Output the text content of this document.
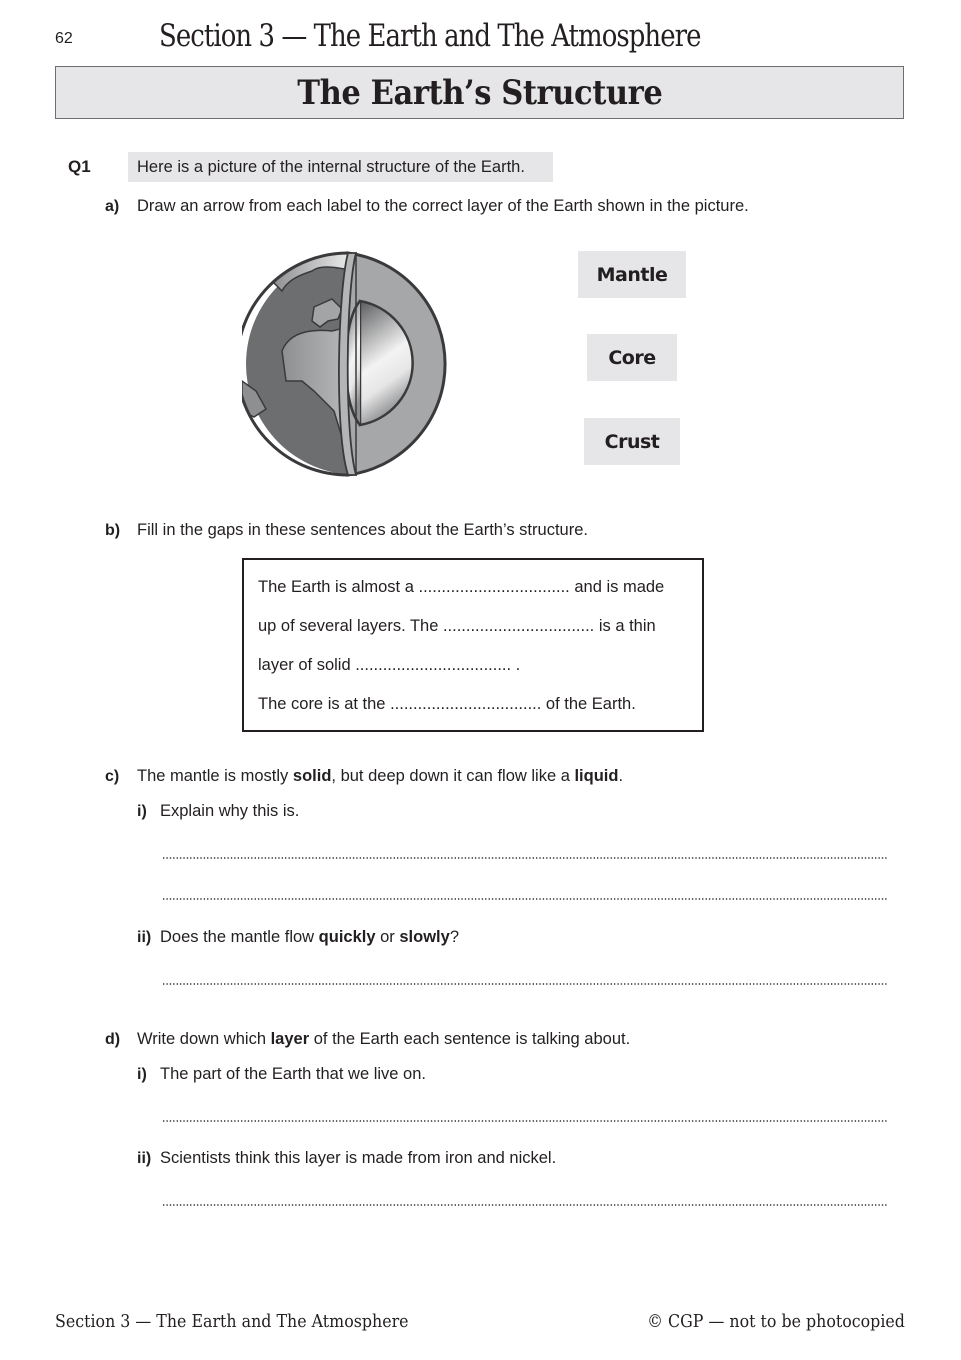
62	Section 3 — The Earth and The Atmosphere
The Earth’s Structure
Q1	Here is a picture of the internal structure of the Earth.
a) Draw an arrow from each label to the correct layer of the Earth shown in the picture.
Mantle
Core
Crust
b) Fill in the gaps in these sentences about the Earth’s structure.
The Earth is almost a ................................. and is made
up of several layers. The ................................. is a thin
layer of solid .................................. .
The core is at the ................................. of the Earth.
c) The mantle is mostly solid, but deep down it can flow like a liquid.
i) Explain why this is.
ii) Does the mantle flow quickly or slowly?
d) Write down which layer of the Earth each sentence is talking about.
i) The part of the Earth that we live on.
ii) Scientists think this layer is made from iron and nickel.
Section 3 — The Earth and The Atmosphere	© CGP — not to be photocopied
